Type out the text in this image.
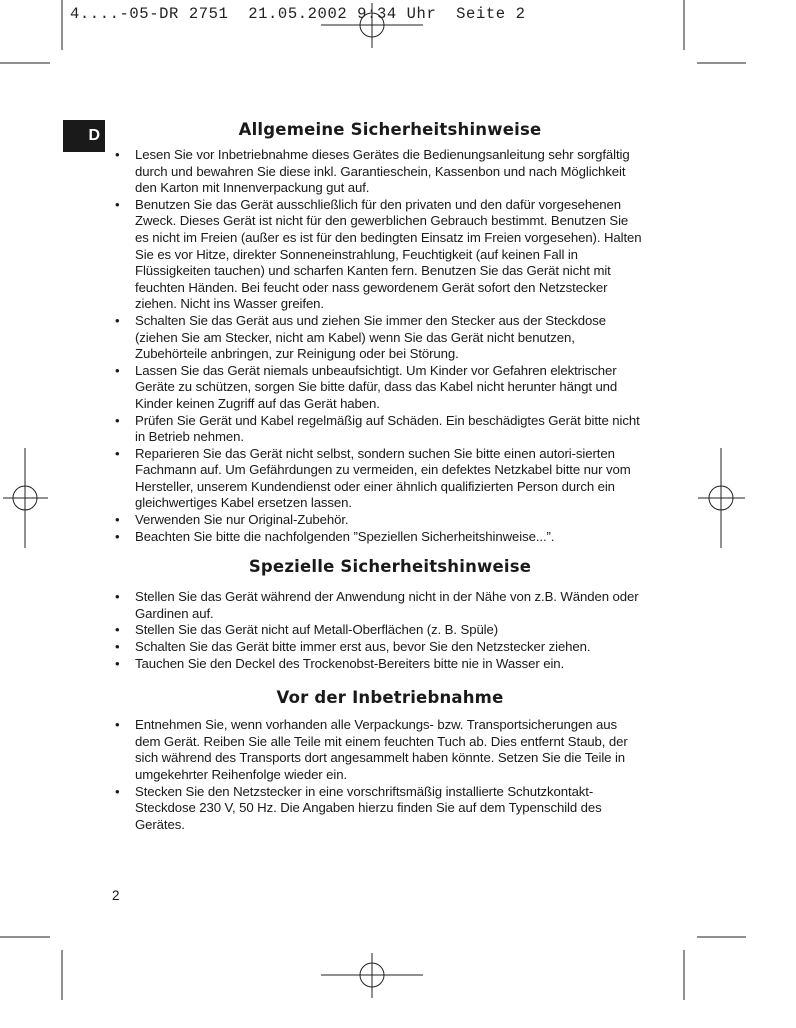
4....-05-DR 2751  21.05.2002 9:34 Uhr  Seite 2
D	Allgemeine Sicherheitshinweise
• Lesen Sie vor Inbetriebnahme dieses Gerätes die Bedienungsanleitung sehr sorgfältig durch und bewahren Sie diese inkl. Garantieschein, Kassenbon und nach Möglichkeit den Karton mit Innenverpackung gut auf.
• Benutzen Sie das Gerät ausschließlich für den privaten und den dafür vorgesehenen Zweck. Dieses Gerät ist nicht für den gewerblichen Gebrauch bestimmt. Benutzen Sie es nicht im Freien (außer es ist für den bedingten Einsatz im Freien vorgesehen). Halten Sie es vor Hitze, direkter Sonneneinstrahlung, Feuchtigkeit (auf keinen Fall in Flüssigkeiten tauchen) und scharfen Kanten fern. Benutzen Sie das Gerät nicht mit feuchten Händen. Bei feucht oder nass gewordenem Gerät sofort den Netzstecker ziehen. Nicht ins Wasser greifen.
• Schalten Sie das Gerät aus und ziehen Sie immer den Stecker aus der Steckdose (ziehen Sie am Stecker, nicht am Kabel) wenn Sie das Gerät nicht benutzen, Zubehörteile anbringen, zur Reinigung oder bei Störung.
• Lassen Sie das Gerät niemals unbeaufsichtigt. Um Kinder vor Gefahren elektrischer Geräte zu schützen, sorgen Sie bitte dafür, dass das Kabel nicht herunter hängt und Kinder keinen Zugriff auf das Gerät haben.
• Prüfen Sie Gerät und Kabel regelmäßig auf Schäden. Ein beschädigtes Gerät bitte nicht in Betrieb nehmen.
• Reparieren Sie das Gerät nicht selbst, sondern suchen Sie bitte einen autori-sierten Fachmann auf. Um Gefährdungen zu vermeiden, ein defektes Netzkabel bitte nur vom Hersteller, unserem Kundendienst oder einer ähnlich qualifizierten Person durch ein gleichwertiges Kabel ersetzen lassen.
• Verwenden Sie nur Original-Zubehör.
• Beachten Sie bitte die nachfolgenden ”Speziellen Sicherheitshinweise...”.
Spezielle Sicherheitshinweise
• Stellen Sie das Gerät während der Anwendung nicht in der Nähe von z.B. Wänden oder Gardinen auf.
• Stellen Sie das Gerät nicht auf Metall-Oberflächen (z. B. Spüle)
• Schalten Sie das Gerät bitte immer erst aus, bevor Sie den Netzstecker ziehen.
• Tauchen Sie den Deckel des Trockenobst-Bereiters bitte nie in Wasser ein.
Vor der Inbetriebnahme
• Entnehmen Sie, wenn vorhanden alle Verpackungs- bzw. Transportsicherungen aus dem Gerät. Reiben Sie alle Teile mit einem feuchten Tuch ab. Dies entfernt Staub, der sich während des Transports dort angesammelt haben könnte. Setzen Sie die Teile in umgekehrter Reihenfolge wieder ein.
• Stecken Sie den Netzstecker in eine vorschriftsmäßig installierte Schutzkontakt-Steckdose 230 V, 50 Hz. Die Angaben hierzu finden Sie auf dem Typenschild des Gerätes.
2
